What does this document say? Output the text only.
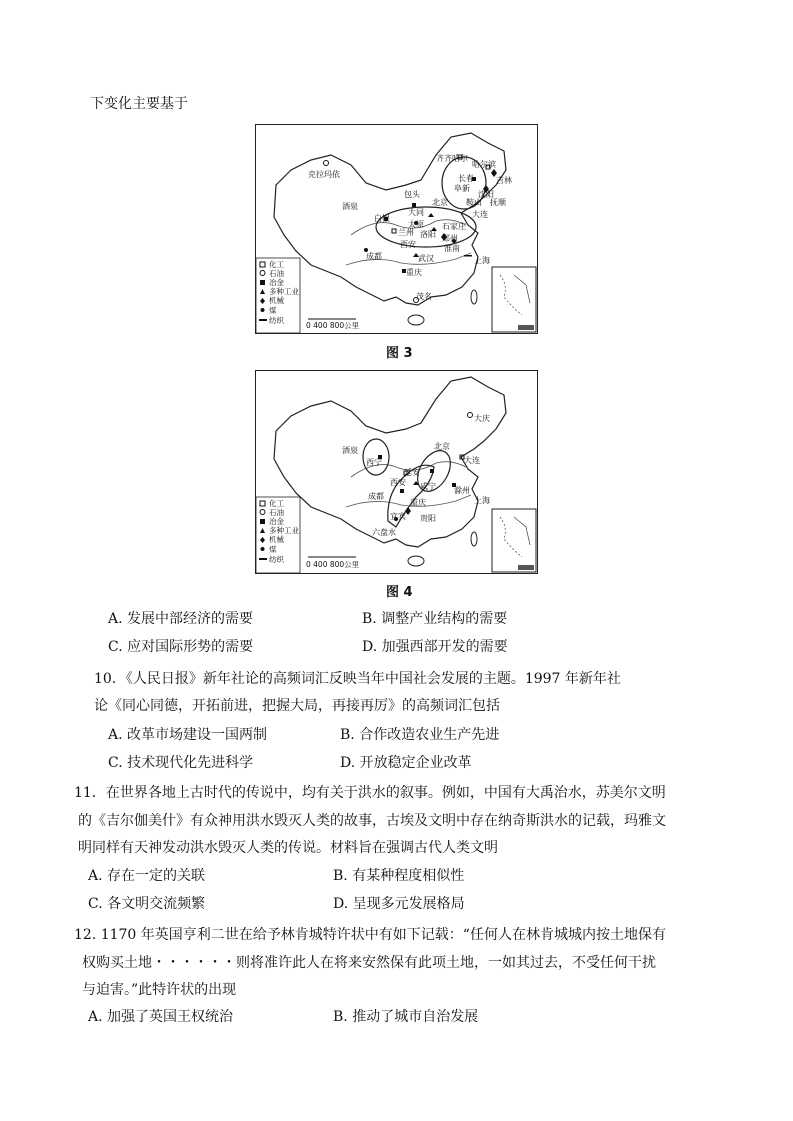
下变化主要基于
齐齐哈尔
哈尔滨
克拉玛依	长春	吉林
阜新
沈阳
抚顺
鞍山
包头
北京
大连
酒泉
白银
大同
太原 石家庄
兰州 洛阳 郑州
西安	淮南
上海
成都	武汉
重庆
茂名
化工
石油
冶金
多种工业
机械
煤
纺织
0 400 800公里
图 3
大庆
北京
大连
酒泉
西宁
延安
西安 咸宁 滁州
成都
重庆	上海
宜宾 贵阳
六盘水
化工
石油
冶金
多种工业
机械
煤
纺织
0 400 800公里
图 4
A. 发展中部经济的需要	B. 调整产业结构的需要
C. 应对国际形势的需要	D. 加强西部开发的需要
10．《人民日报》新年社论的高频词汇反映当年中国社会发展的主题。1997 年新年社
论《同心同德，开拓前进，把握大局，再接再厉》的高频词汇包括
A. 改革市场建设一国两制	B. 合作改造农业生产先进
C. 技术现代化先进科学	D. 开放稳定企业改革
11．在世界各地上古时代的传说中，均有关于洪水的叙事。例如，中国有大禹治水，苏美尔文明
的《吉尔伽美什》有众神用洪水毁灭人类的故事，古埃及文明中存在纳奇斯洪水的记载，玛雅文
明同样有天神发动洪水毁灭人类的传说。材料旨在强调古代人类文明
A. 存在一定的关联	B. 有某种程度相似性
C. 各文明交流频繁	D. 呈现多元发展格局
12. 1170 年英国亨利二世在给予林肯城特许状中有如下记载：“任何人在林肯城城内按土地保有
权购买土地・・・・・・则将准许此人在将来安然保有此项土地，一如其过去，不受任何干扰
与迫害。”此特许状的出现
A. 加强了英国王权统治	B. 推动了城市自治发展
